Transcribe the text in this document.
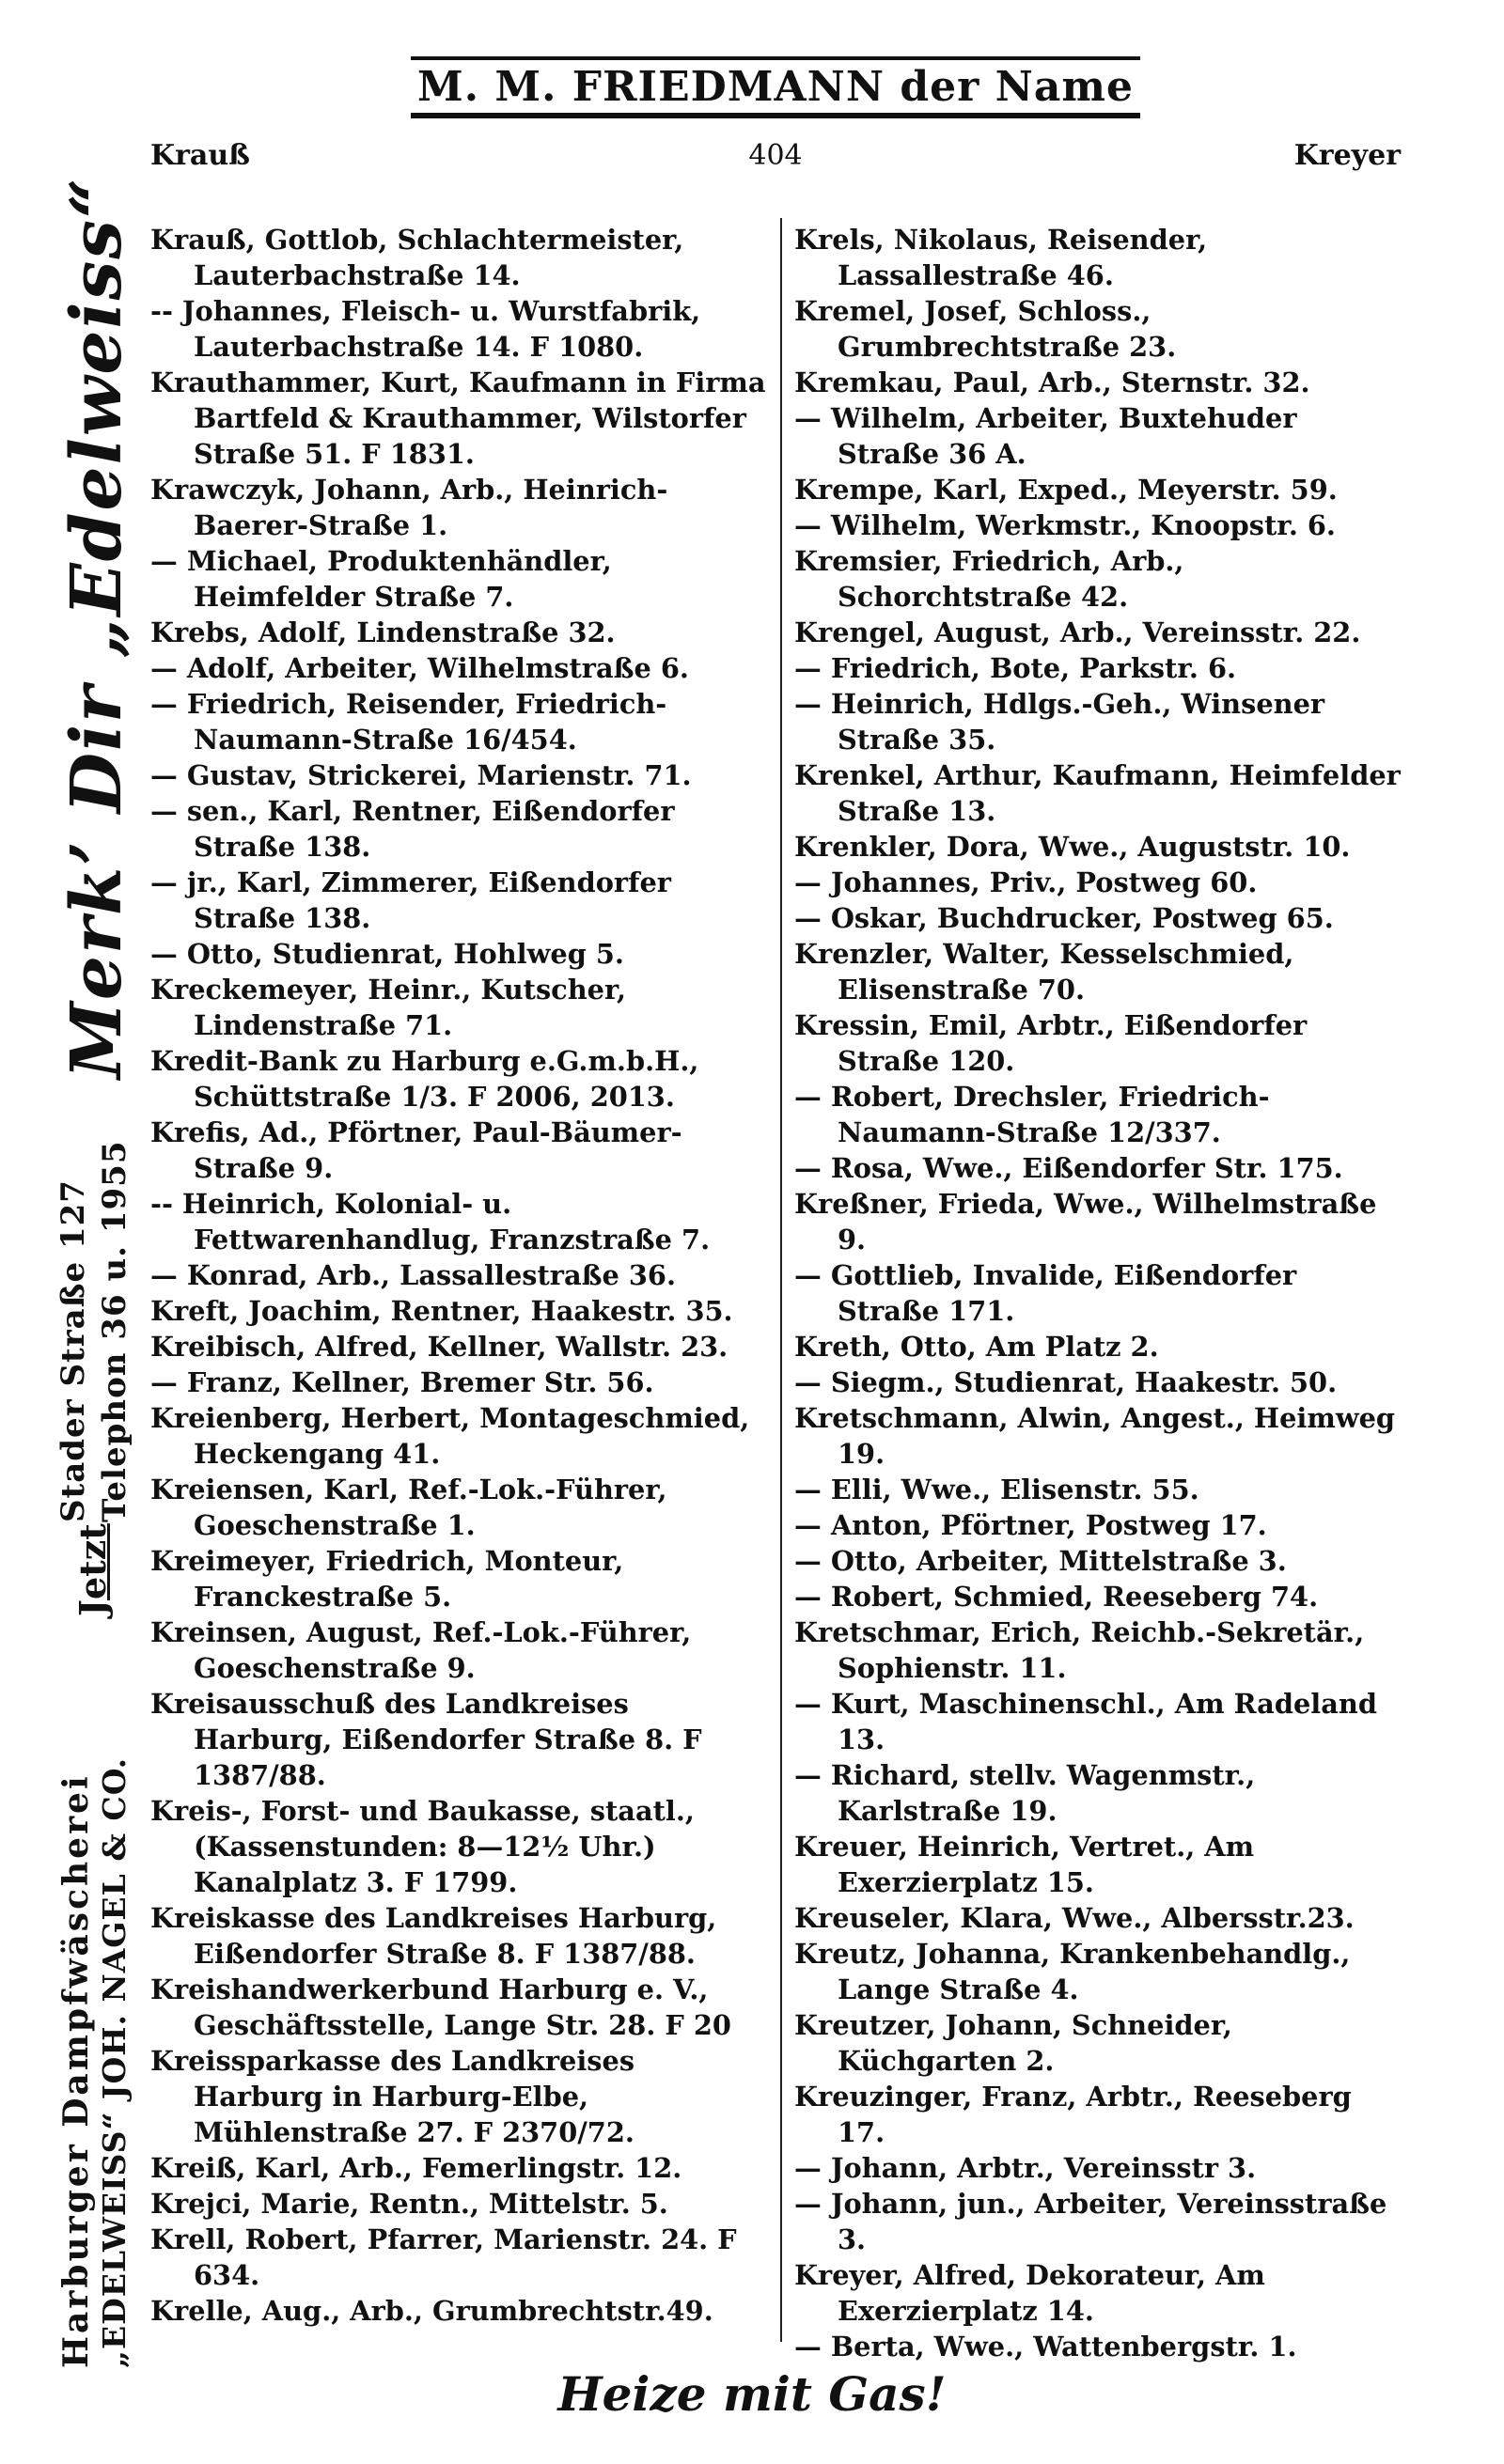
M. M. FRIEDMANN der Name
Krauß	404	Kreyer
Merk’ Dir „Edelweiss“
Stader Straße 127 Telephon 36 u. 1955
Jetzt
Harburger Dampfwäscherei „EDELWEISS“ JOH. NAGEL & CO.
Krauß, Gottlob, Schlachtermeister, Lauterbachstraße 14.
-- Johannes, Fleisch- u. Wurstfabrik, Lauterbachstraße 14. F 1080.
Krauthammer, Kurt, Kaufmann in Firma Bartfeld & Krauthammer, Wilstorfer Straße 51. F 1831.
Krawczyk, Johann, Arb., Heinrich-Baerer-Straße 1.
— Michael, Produktenhändler, Heimfelder Straße 7.
Krebs, Adolf, Lindenstraße 32.
— Adolf, Arbeiter, Wilhelmstraße 6.
— Friedrich, Reisender, Friedrich-Naumann-Straße 16/454.
— Gustav, Strickerei, Marienstr. 71.
— sen., Karl, Rentner, Eißendorfer Straße 138.
— jr., Karl, Zimmerer, Eißendorfer Straße 138.
— Otto, Studienrat, Hohlweg 5.
Kreckemeyer, Heinr., Kutscher, Lindenstraße 71.
Kredit-Bank zu Harburg e.G.m.b.H., Schüttstraße 1/3. F 2006, 2013.
Krefis, Ad., Pförtner, Paul-Bäumer-Straße 9.
-- Heinrich, Kolonial- u. Fettwarenhandlug, Franzstraße 7.
— Konrad, Arb., Lassallestraße 36.
Kreft, Joachim, Rentner, Haakestr. 35.
Kreibisch, Alfred, Kellner, Wallstr. 23.
— Franz, Kellner, Bremer Str. 56.
Kreienberg, Herbert, Montageschmied, Heckengang 41.
Kreiensen, Karl, Ref.-Lok.-Führer, Goeschenstraße 1.
Kreimeyer, Friedrich, Monteur, Franckestraße 5.
Kreinsen, August, Ref.-Lok.-Führer, Goeschenstraße 9.
Kreisausschuß des Landkreises Harburg, Eißendorfer Straße 8. F 1387/88.
Kreis-, Forst- und Baukasse, staatl., (Kassenstunden: 8—12½ Uhr.) Kanalplatz 3. F 1799.
Kreiskasse des Landkreises Harburg, Eißendorfer Straße 8. F 1387/88.
Kreishandwerkerbund Harburg e. V., Geschäftsstelle, Lange Str. 28. F 20
Kreissparkasse des Landkreises Harburg in Harburg-Elbe, Mühlenstraße 27. F 2370/72.
Kreiß, Karl, Arb., Femerlingstr. 12.
Krejci, Marie, Rentn., Mittelstr. 5.
Krell, Robert, Pfarrer, Marienstr. 24. F 634.
Krelle, Aug., Arb., Grumbrechtstr.49.
Krels, Nikolaus, Reisender, Lassallestraße 46.
Kremel, Josef, Schloss., Grumbrechtstraße 23.
Kremkau, Paul, Arb., Sternstr. 32.
— Wilhelm, Arbeiter, Buxtehuder Straße 36 A.
Krempe, Karl, Exped., Meyerstr. 59.
— Wilhelm, Werkmstr., Knoopstr. 6.
Kremsier, Friedrich, Arb., Schorchtstraße 42.
Krengel, August, Arb., Vereinsstr. 22.
— Friedrich, Bote, Parkstr. 6.
— Heinrich, Hdlgs.-Geh., Winsener Straße 35.
Krenkel, Arthur, Kaufmann, Heimfelder Straße 13.
Krenkler, Dora, Wwe., Auguststr. 10.
— Johannes, Priv., Postweg 60.
— Oskar, Buchdrucker, Postweg 65.
Krenzler, Walter, Kesselschmied, Elisenstraße 70.
Kressin, Emil, Arbtr., Eißendorfer Straße 120.
— Robert, Drechsler, Friedrich-Naumann-Straße 12/337.
— Rosa, Wwe., Eißendorfer Str. 175.
Kreßner, Frieda, Wwe., Wilhelmstraße 9.
— Gottlieb, Invalide, Eißendorfer Straße 171.
Kreth, Otto, Am Platz 2.
— Siegm., Studienrat, Haakestr. 50.
Kretschmann, Alwin, Angest., Heimweg 19.
— Elli, Wwe., Elisenstr. 55.
— Anton, Pförtner, Postweg 17.
— Otto, Arbeiter, Mittelstraße 3.
— Robert, Schmied, Reeseberg 74.
Kretschmar, Erich, Reichb.-Sekretär., Sophienstr. 11.
— Kurt, Maschinenschl., Am Radeland 13.
— Richard, stellv. Wagenmstr., Karlstraße 19.
Kreuer, Heinrich, Vertret., Am Exerzierplatz 15.
Kreuseler, Klara, Wwe., Albersstr.23.
Kreutz, Johanna, Krankenbehandlg., Lange Straße 4.
Kreutzer, Johann, Schneider, Küchgarten 2.
Kreuzinger, Franz, Arbtr., Reeseberg 17.
— Johann, Arbtr., Vereinsstr 3.
— Johann, jun., Arbeiter, Vereinsstraße 3.
Kreyer, Alfred, Dekorateur, Am Exerzierplatz 14.
— Berta, Wwe., Wattenbergstr. 1.
Heize mit Gas!
